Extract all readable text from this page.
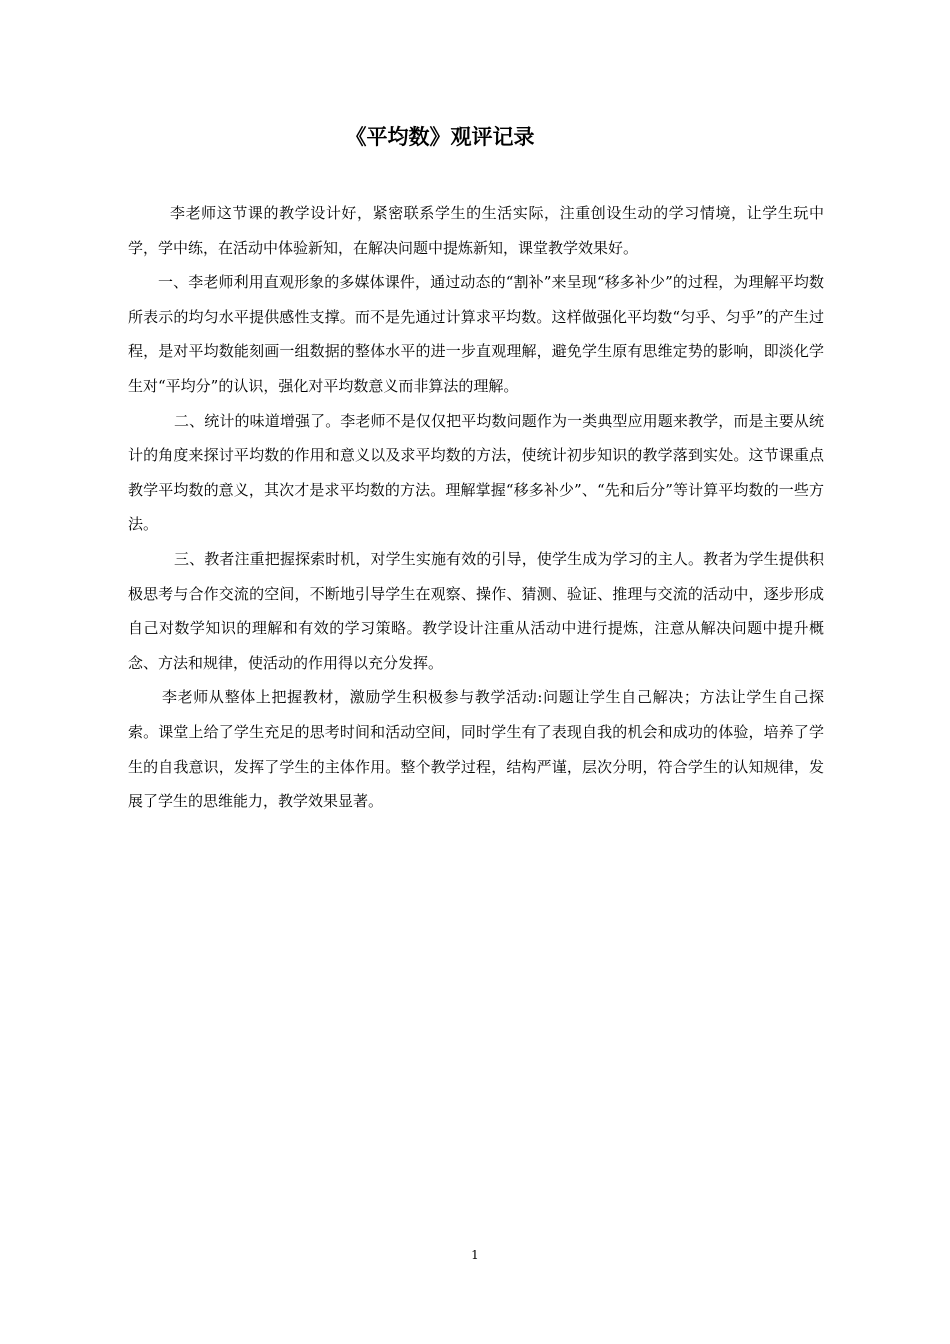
《平均数》观评记录

李老师这节课的教学设计好，紧密联系学生的生活实际，注重创设生动的学习情境，让学生玩中学，学中练，在活动中体验新知，在解决问题中提炼新知，课堂教学效果好。

一、李老师利用直观形象的多媒体课件，通过动态的“割补”来呈现“移多补少”的过程，为理解平均数所表示的均匀水平提供感性支撑。而不是先通过计算求平均数。这样做强化平均数“匀乎、匀乎”的产生过程，是对平均数能刻画一组数据的整体水平的进一步直观理解，避免学生原有思维定势的影响，即淡化学生对“平均分”的认识，强化对平均数意义而非算法的理解。

二、统计的味道增强了。李老师不是仅仅把平均数问题作为一类典型应用题来教学，而是主要从统计的角度来探讨平均数的作用和意义以及求平均数的方法，使统计初步知识的教学落到实处。这节课重点教学平均数的意义，其次才是求平均数的方法。理解掌握“移多补少”、“先和后分”等计算平均数的一些方法。

三、教者注重把握探索时机，对学生实施有效的引导，使学生成为学习的主人。教者为学生提供积极思考与合作交流的空间，不断地引导学生在观察、操作、猜测、验证、推理与交流的活动中，逐步形成自己对数学知识的理解和有效的学习策略。教学设计注重从活动中进行提炼，注意从解决问题中提升概念、方法和规律，使活动的作用得以充分发挥。

李老师从整体上把握教材，激励学生积极参与教学活动:问题让学生自己解决；方法让学生自己探索。课堂上给了学生充足的思考时间和活动空间，同时学生有了表现自我的机会和成功的体验，培养了学生的自我意识，发挥了学生的主体作用。整个教学过程，结构严谨，层次分明，符合学生的认知规律，发展了学生的思维能力，教学效果显著。

1
